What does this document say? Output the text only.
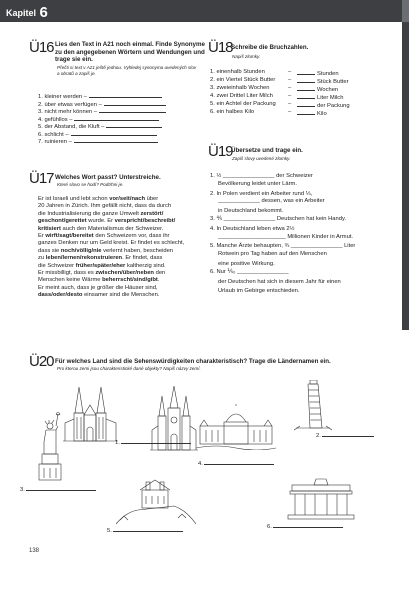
Kapitel 6
Ü16 Lies den Text in A21 noch einmal. Finde Synonyme zu den angegebenen Wörtern und Wendungen und trage sie ein.
Přečti si text v A21 ještě jednou. Vyhledej synonyma uvedených slov a obratů a zapiš je.
1. kleiner werden –
2. über etwas verfügen –
3. nicht mehr können –
4. gefühllos –
5. der Abstand, die Kluft –
6. schlicht –
7. ruinieren –
Ü17 Welches Wort passt? Unterstreiche.
Které slovo se hodí? Podtrhni je.
Er ist Israeli und lebt schon vor/seit/nach über
20 Jahren in Zürich. Ihm gefällt nicht, dass da durch
die Industrialisierung die ganze Umwelt zerstört/
geschont/gerettet wurde. Er verspricht/beschreibt/
kritisiert auch den Materialismus der Schweizer.
Er wirft/sagt/bereitet den Schweizern vor, dass ihr
ganzes Denken nur um Geld kreist. Er findet es schlecht,
dass sie noch/völlig/nie verlernt haben, bescheiden
zu leben/lernen/rekonstruieren. Er findet, dass
die Schweizer früher/später/eher kaltherzig sind.
Er missbilligt, dass es zwischen/über/neben den
Menschen keine Wärme beherrscht/sind/gibt.
Er meint auch, dass je größer die Häuser sind,
dass/oder/desto einsamer sind die Menschen.
Ü18
Schreibe die Bruchzahlen.
Napiš zlomky.
1. einenhalb Stunden	–	Stunden
2. ein Viertel Stück Butter –	Stück Butter
3. zweieinhalb Wochen	–	Wochen
4. zwei Drittel Liter Milch	–	Liter Milch
5. ein Achtel der Packung –	der Packung
6. ein halbes Kilo	–	Kilo
Ü19
Übersetze und trage ein.
Zapiš slovy uvedené zlomky.
1. ½ ________________ der Schweizer
Bevölkerung leidet unter Lärm.
2. In Polen verdient ein Arbeiter rund ⅓,
_____________ dessen, was ein Arbeiter
in Deutschland bekommt.
3. ⅘ ________________ Deutschen hat kein Handy.
4. In Deutschland leben etwa 2½
_____________________ Millionen Kinder in Armut.
5. Manche Ärzte behaupten, ¾ ________________ Liter
Rotwein pro Tag haben auf den Menschen
eine positive Wirkung.
6. Nur ⅕₀ ________________
der Deutschen hat sich in diesem Jahr für einen
Urlaub im Gebirge entschieden.
Ü20 Für welches Land sind die Sehenswürdigkeiten charakteristisch? Trage die Ländernamen ein.
Pro kterou zemi jsou charakteristické dané objekty? Napiš názvy zemí.
1.
4.
2.
3.
5.
6.
138
